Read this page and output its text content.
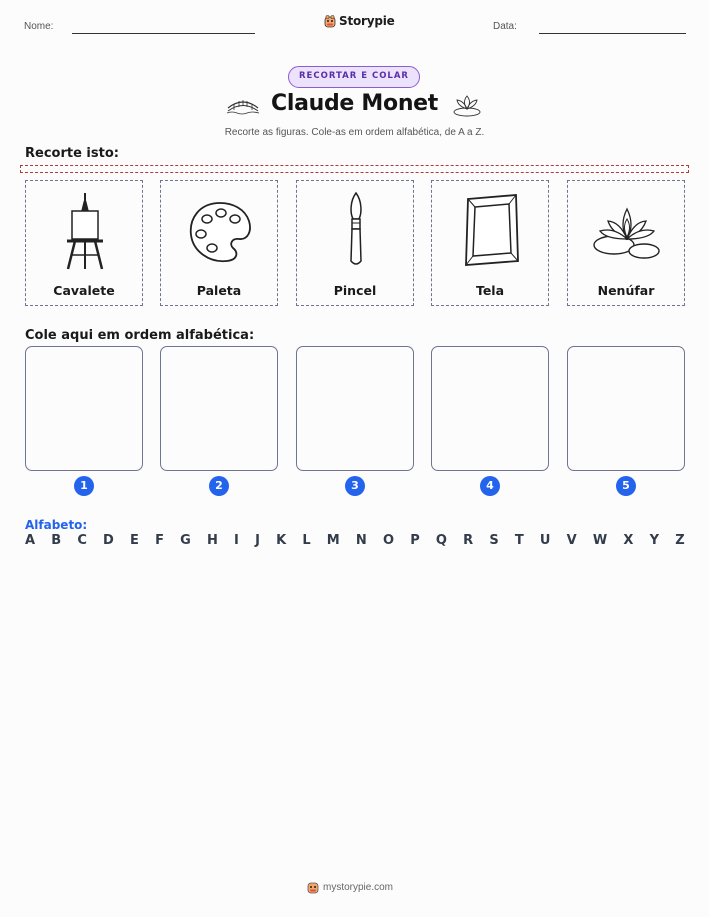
Nome:	Storypie	Data:
RECORTAR E COLAR
Claude Monet
Recorte as figuras. Cole-as em ordem alfabética, de A a Z.
Recorte isto:
Cavalete	Paleta	Pincel	Tela	Nenúfar
Cole aqui em ordem alfabética:
1	2	3	4	5
Alfabeto:
A B C D E F G H I J K L M N O P Q R S T U V W X Y Z
mystorypie.com
